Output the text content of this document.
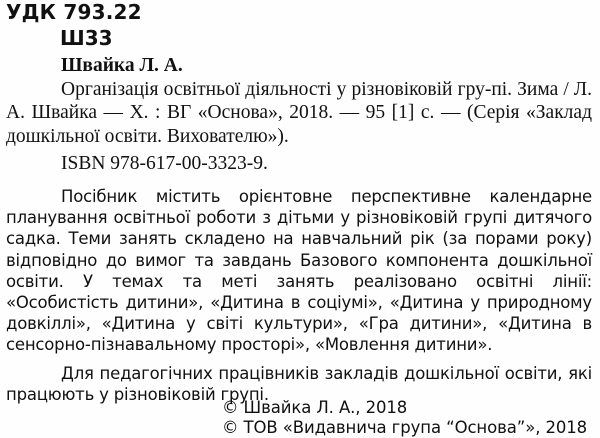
УДК 793.22
Ш33
Швайка Л. А.
Організація освітньої діяльності у різновіковій гру-пі. Зима / Л. А. Швайка — Х. : ВГ «Основа», 2018. — 95 [1] с. — (Серія «Заклад дошкільної освіти. Вихователю»).
ISBN 978-617-00-3323-9.

Посібник містить орієнтовне перспективне календарне планування освітньої роботи з дітьми у різновіковій групі дитячого садка. Теми занять складено на навчальний рік (за порами року) відповідно до вимог та завдань Базового компонента дошкільної освіти. У темах та меті занять реалізовано освітні лінії: «Особистість дитини», «Дитина в соціумі», «Дитина у природному довкіллі», «Дитина у світі культури», «Гра дитини», «Дитина в сенсорно-пізнавальному просторі», «Мовлення дитини».

Для педагогічних працівників закладів дошкільної освіти, які працюють у різновіковій групі.

© Швайка Л. А., 2018
© ТОВ «Видавнича група “Основа”», 2018
